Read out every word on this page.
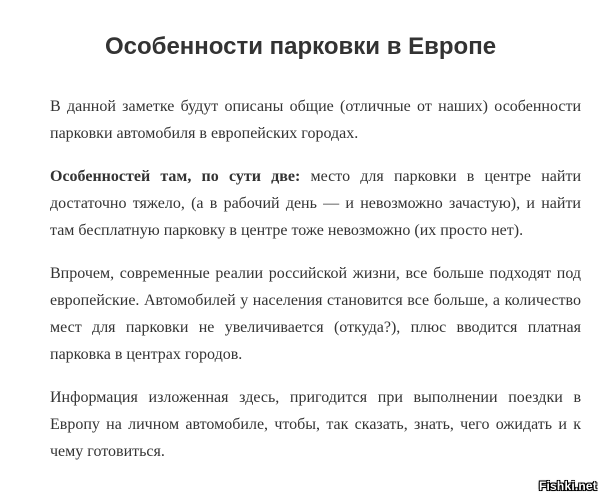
Особенности парковки в Европе

В данной заметке будут описаны общие (отличные от наших) особенности парковки автомобиля в европейских городах.

Особенностей там, по сути две: место для парковки в центре найти достаточно тяжело, (а в рабочий день — и невозможно зачастую), и найти там бесплатную парковку в центре тоже невозможно (их просто нет).

Впрочем, современные реалии российской жизни, все больше подходят под европейские. Автомобилей у населения становится все больше, а количество мест для парковки не увеличивается (откуда?), плюс вводится платная парковка в центрах городов.

Информация изложенная здесь, пригодится при выполнении поездки в Европу на личном автомобиле, чтобы, так сказать, знать, чего ожидать и к чему готовиться.

Fishki.net
